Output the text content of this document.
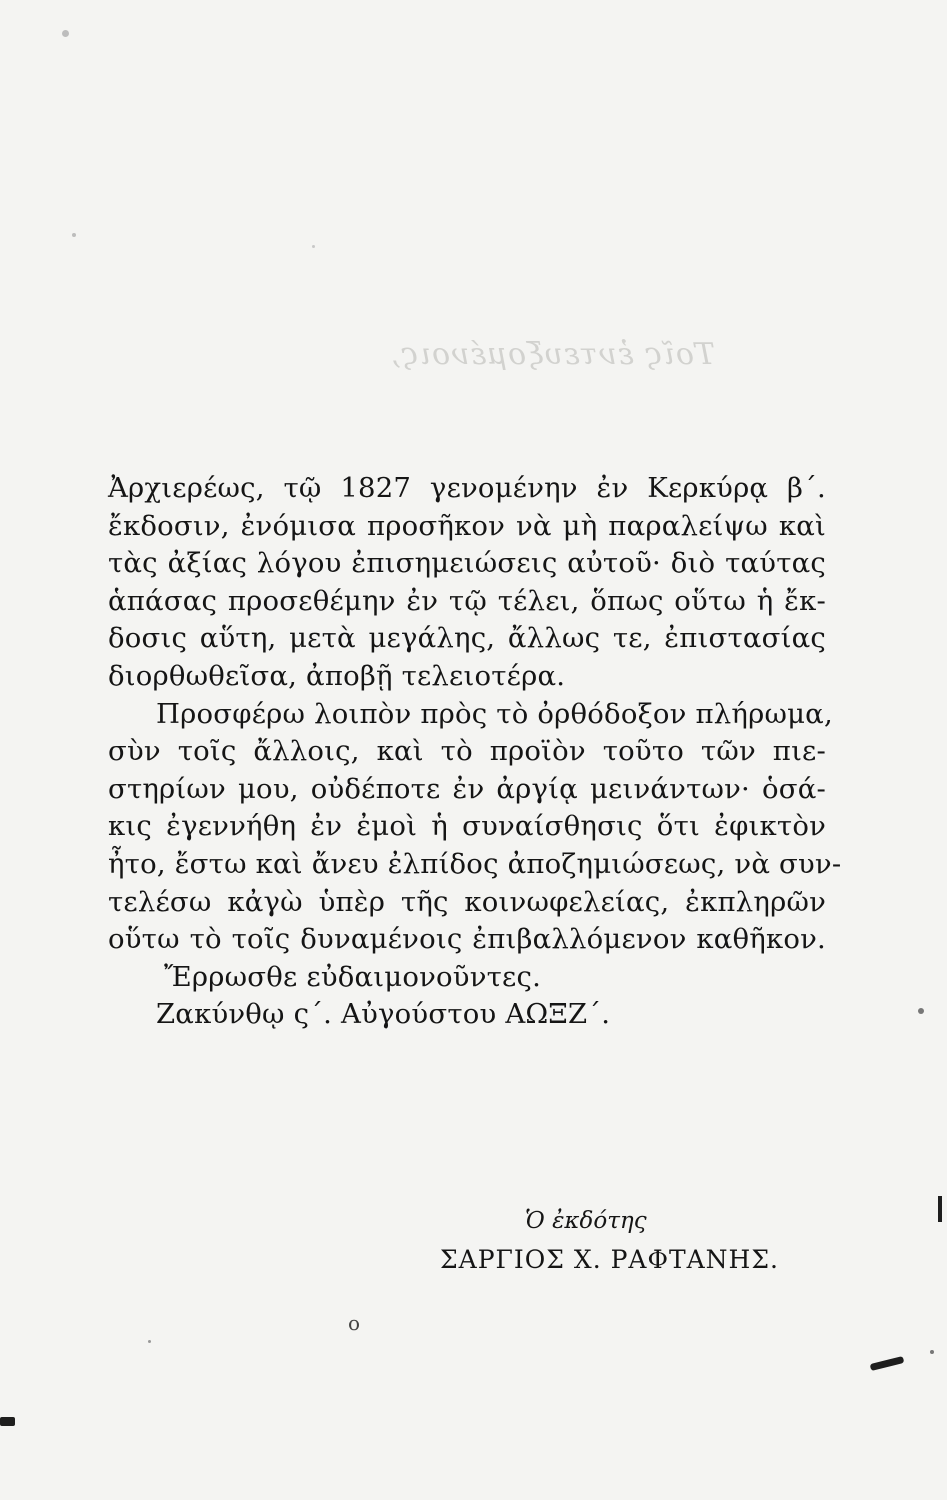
Τοῖς ἐντευξομένοις,
Ἀρχιερέως, τῷ 1827 γενομένην ἐν Κερκύρᾳ β΄.
ἔκδοσιν, ἐνόμισα προσῆκον νὰ μὴ παραλείψω καὶ
τὰς ἀξίας λόγου ἐπισημειώσεις αὐτοῦ· διὸ ταύτας
ἁπάσας προσεθέμην ἐν τῷ τέλει, ὅπως οὕτω ἡ ἔκ-
δοσις αὕτη, μετὰ μεγάλης, ἄλλως τε, ἐπιστασίας
διορθωθεῖσα, ἀποβῇ τελειοτέρα.
Προσφέρω λοιπὸν πρὸς τὸ ὀρθόδοξον πλήρωμα,
σὺν τοῖς ἄλλοις, καὶ τὸ προϊὸν τοῦτο τῶν πιε-
στηρίων μου, οὐδέποτε ἐν ἀργίᾳ μεινάντων· ὁσά-
κις ἐγεννήθη ἐν ἐμοὶ ἡ συναίσθησις ὅτι ἐφικτὸν
ἦτο, ἔστω καὶ ἄνευ ἐλπίδος ἀποζημιώσεως, νὰ συν-
τελέσω κἀγὼ ὑπὲρ τῆς κοινωφελείας, ἐκπληρῶν
οὕτω τὸ τοῖς δυναμένοις ἐπιβαλλόμενον καθῆκον.
Ἔρρωσθε εὐδαιμονοῦντες.
Ζακύνθῳ ς΄. Αὐγούστου ΑΩΞΖ΄.
Ὁ ἐκδότης
ΣΑΡΓΙΟΣ Χ. ΡΑΦΤΑΝΗΣ.
ο
